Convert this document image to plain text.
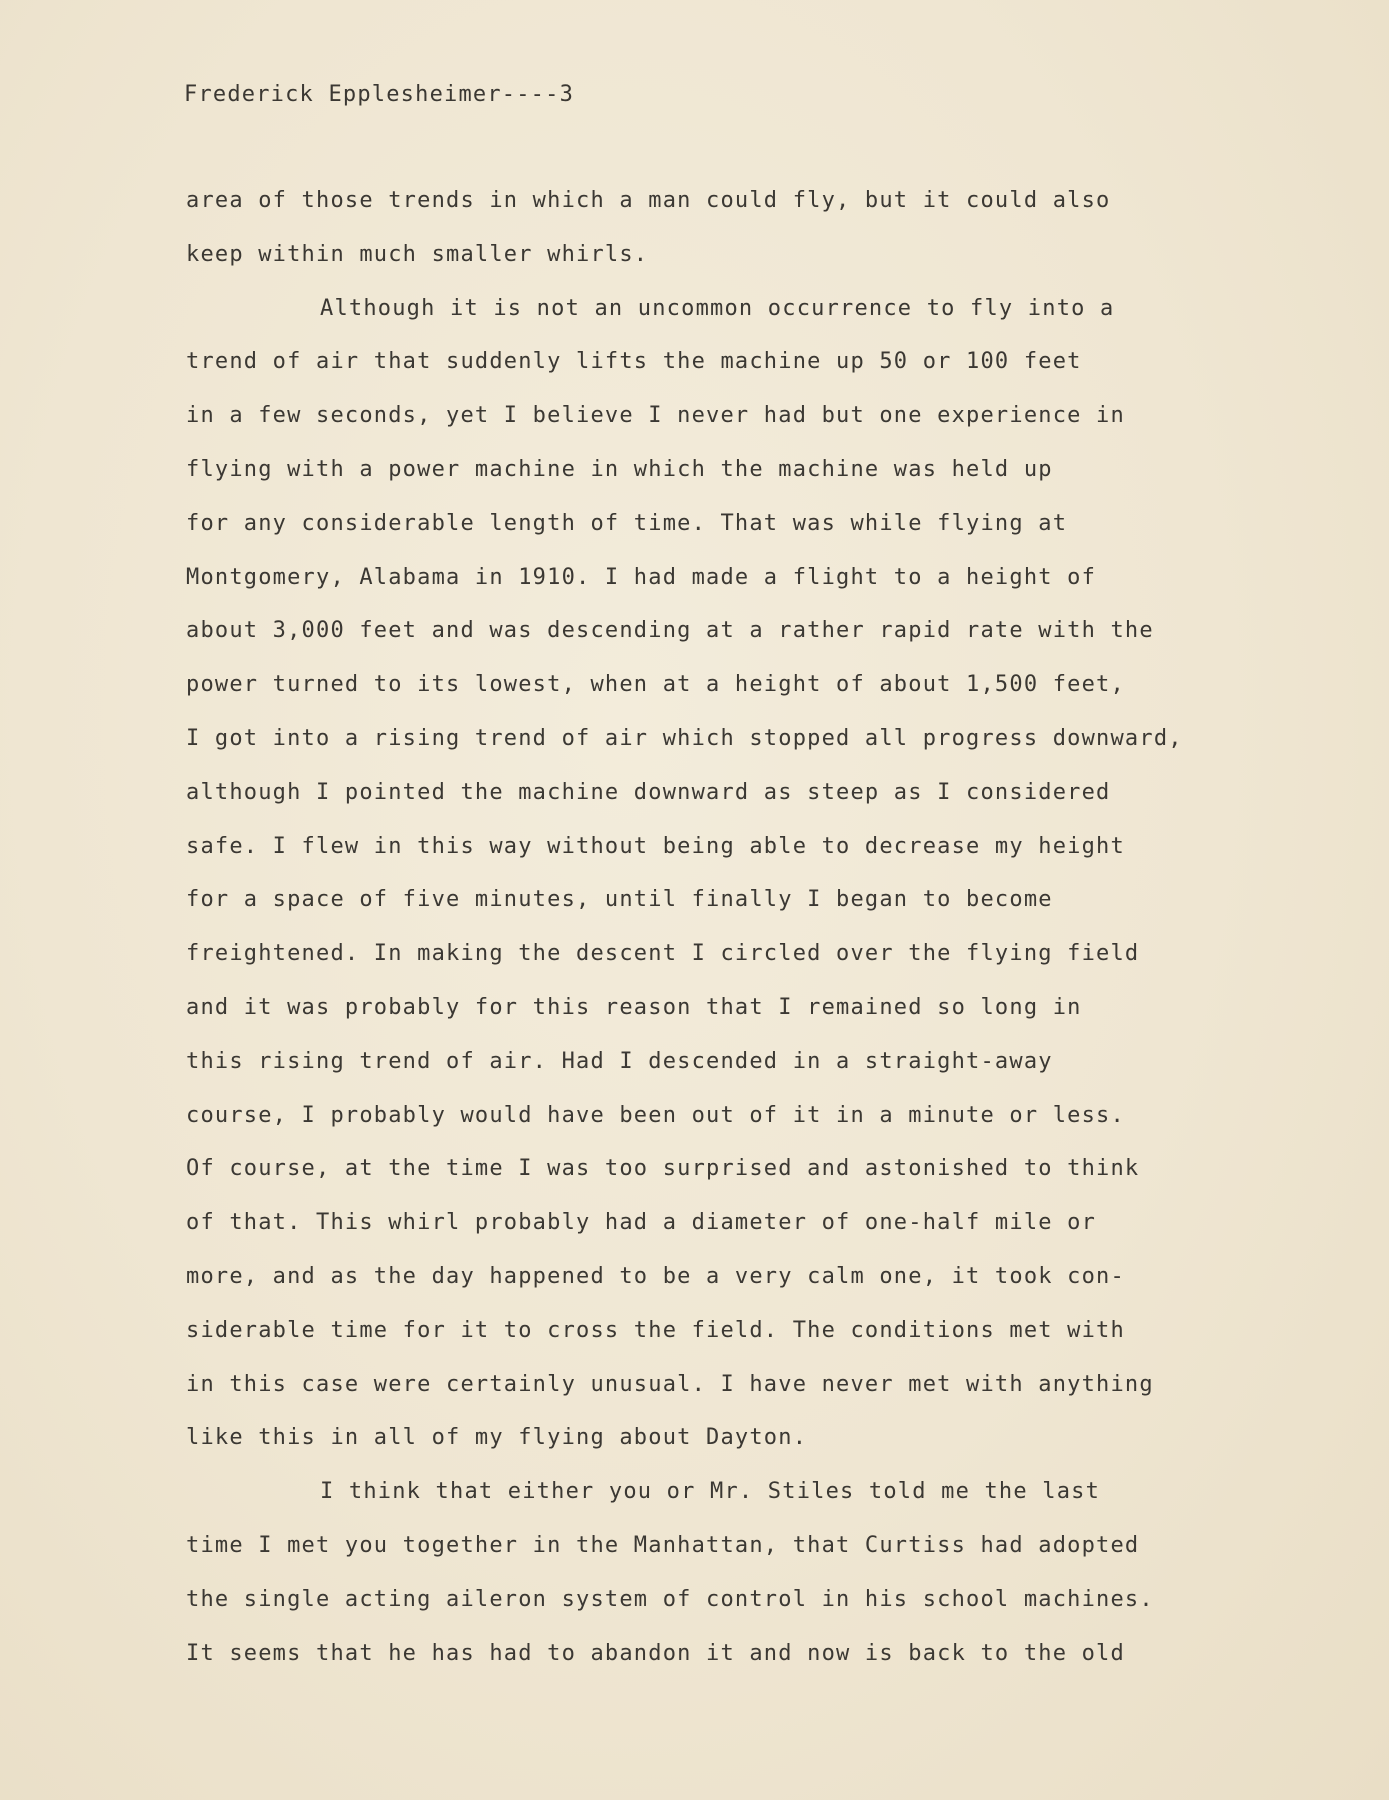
Frederick Epplesheimer----3
area of those trends in which a man could fly, but it could also
keep within much smaller whirls.
Although it is not an uncommon occurrence to fly into a
trend of air that suddenly lifts the machine up 50 or 100 feet
in a few seconds, yet I believe I never had but one experience in
flying with a power machine in which the machine was held up
for any considerable length of time. That was while flying at
Montgomery, Alabama in 1910. I had made a flight to a height of
about 3,000 feet and was descending at a rather rapid rate with the
power turned to its lowest, when at a height of about 1,500 feet,
I got into a rising trend of air which stopped all progress downward,
although I pointed the machine downward as steep as I considered
safe. I flew in this way without being able to decrease my height
for a space of five minutes, until finally I began to become
freightened. In making the descent I circled over the flying field
and it was probably for this reason that I remained so long in
this rising trend of air. Had I descended in a straight-away
course, I probably would have been out of it in a minute or less.
Of course, at the time I was too surprised and astonished to think
of that. This whirl probably had a diameter of one-half mile or
more, and as the day happened to be a very calm one, it took con-
siderable time for it to cross the field. The conditions met with
in this case were certainly unusual. I have never met with anything
like this in all of my flying about Dayton.
I think that either you or Mr. Stiles told me the last
time I met you together in the Manhattan, that Curtiss had adopted
the single acting aileron system of control in his school machines.
It seems that he has had to abandon it and now is back to the old
